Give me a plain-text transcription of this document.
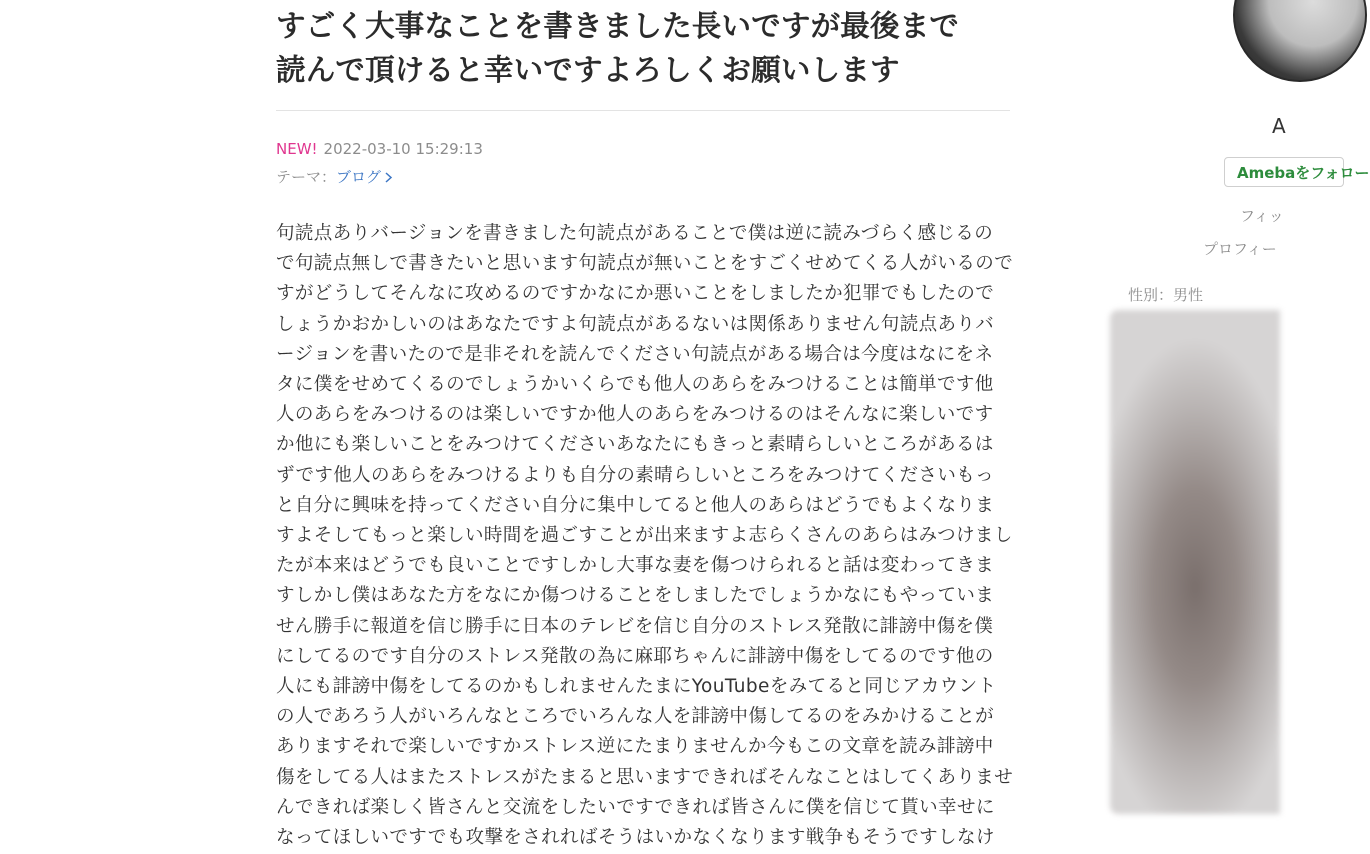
すごく大事なことを書きました長いですが最後まで
読んで頂けると幸いですよろしくお願いします
NEW! 2022-03-10 15:29:13
テーマ： ブログ

句読点ありバージョンを書きました句読点があることで僕は逆に読みづらく感じるの

で句読点無しで書きたいと思います句読点が無いことをすごくせめてくる人がいるので

すがどうしてそんなに攻めるのですかなにか悪いことをしましたか犯罪でもしたので

しょうかおかしいのはあなたですよ句読点があるないは関係ありません句読点ありバ

ージョンを書いたので是非それを読んでください句読点がある場合は今度はなにをネ

タに僕をせめてくるのでしょうかいくらでも他人のあらをみつけることは簡単です他

人のあらをみつけるのは楽しいですか他人のあらをみつけるのはそんなに楽しいです

か他にも楽しいことをみつけてくださいあなたにもきっと素晴らしいところがあるは

ずです他人のあらをみつけるよりも自分の素晴らしいところをみつけてくださいもっ

と自分に興味を持ってください自分に集中してると他人のあらはどうでもよくなりま

すよそしてもっと楽しい時間を過ごすことが出来ますよ志らくさんのあらはみつけまし

たが本来はどうでも良いことですしかし大事な妻を傷つけられると話は変わってきま

すしかし僕はあなた方をなにか傷つけることをしましたでしょうかなにもやっていま

せん勝手に報道を信じ勝手に日本のテレビを信じ自分のストレス発散に誹謗中傷を僕

にしてるのです自分のストレス発散の為に麻耶ちゃんに誹謗中傷をしてるのです他の

人にも誹謗中傷をしてるのかもしれませんたまにYouTubeをみてると同じアカウント

の人であろう人がいろんなところでいろんな人を誹謗中傷してるのをみかけることが

ありますそれで楽しいですかストレス逆にたまりませんか今もこの文章を読み誹謗中

傷をしてる人はまたストレスがたまると思いますできればそんなことはしてくありませ

んできれば楽しく皆さんと交流をしたいですできれば皆さんに僕を信じて貰い幸せに

なってほしいですでも攻撃をされればそうはいかなくなります戦争もそうですしなけ

A
Amebaをフォロー
フィッ
プロフィー
性別：男性
